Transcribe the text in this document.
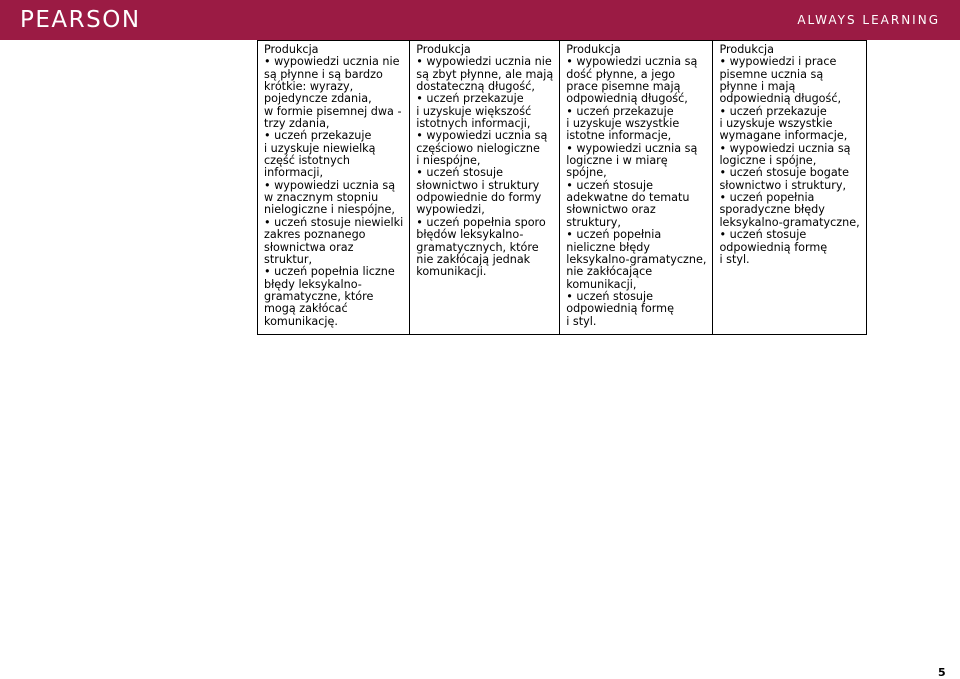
PEARSON	ALWAYS LEARNING
Produkcja
• wypowiedzi ucznia nie
są płynne i są bardzo
krótkie: wyrazy,
pojedyncze zdania,
w formie pisemnej dwa -
trzy zdania,
• uczeń przekazuje
i uzyskuje niewielką
część istotnych
informacji,
• wypowiedzi ucznia są
w znacznym stopniu
nielogiczne i niespójne,
• uczeń stosuje niewielki
zakres poznanego
słownictwa oraz
struktur,
• uczeń popełnia liczne
błędy leksykalno-
gramatyczne, które
mogą zakłócać
komunikację.

Produkcja
• wypowiedzi ucznia nie
są zbyt płynne, ale mają
dostateczną długość,
• uczeń przekazuje
i uzyskuje większość
istotnych informacji,
• wypowiedzi ucznia są
częściowo nielogiczne
i niespójne,
• uczeń stosuje
słownictwo i struktury
odpowiednie do formy
wypowiedzi,
• uczeń popełnia sporo
błędów leksykalno-
gramatycznych, które
nie zakłócają jednak
komunikacji.

Produkcja
• wypowiedzi ucznia są
dość płynne, a jego
prace pisemne mają
odpowiednią długość,
• uczeń przekazuje
i uzyskuje wszystkie
istotne informacje,
• wypowiedzi ucznia są
logiczne i w miarę
spójne,
• uczeń stosuje
adekwatne do tematu
słownictwo oraz
struktury,
• uczeń popełnia
nieliczne błędy
leksykalno-gramatyczne,
nie zakłócające
komunikacji,
• uczeń stosuje
odpowiednią formę
i styl.

Produkcja
• wypowiedzi i prace
pisemne ucznia są
płynne i mają
odpowiednią długość,
• uczeń przekazuje
i uzyskuje wszystkie
wymagane informacje,
• wypowiedzi ucznia są
logiczne i spójne,
• uczeń stosuje bogate
słownictwo i struktury,
• uczeń popełnia
sporadyczne błędy
leksykalno-gramatyczne,
• uczeń stosuje
odpowiednią formę
i styl.
5
